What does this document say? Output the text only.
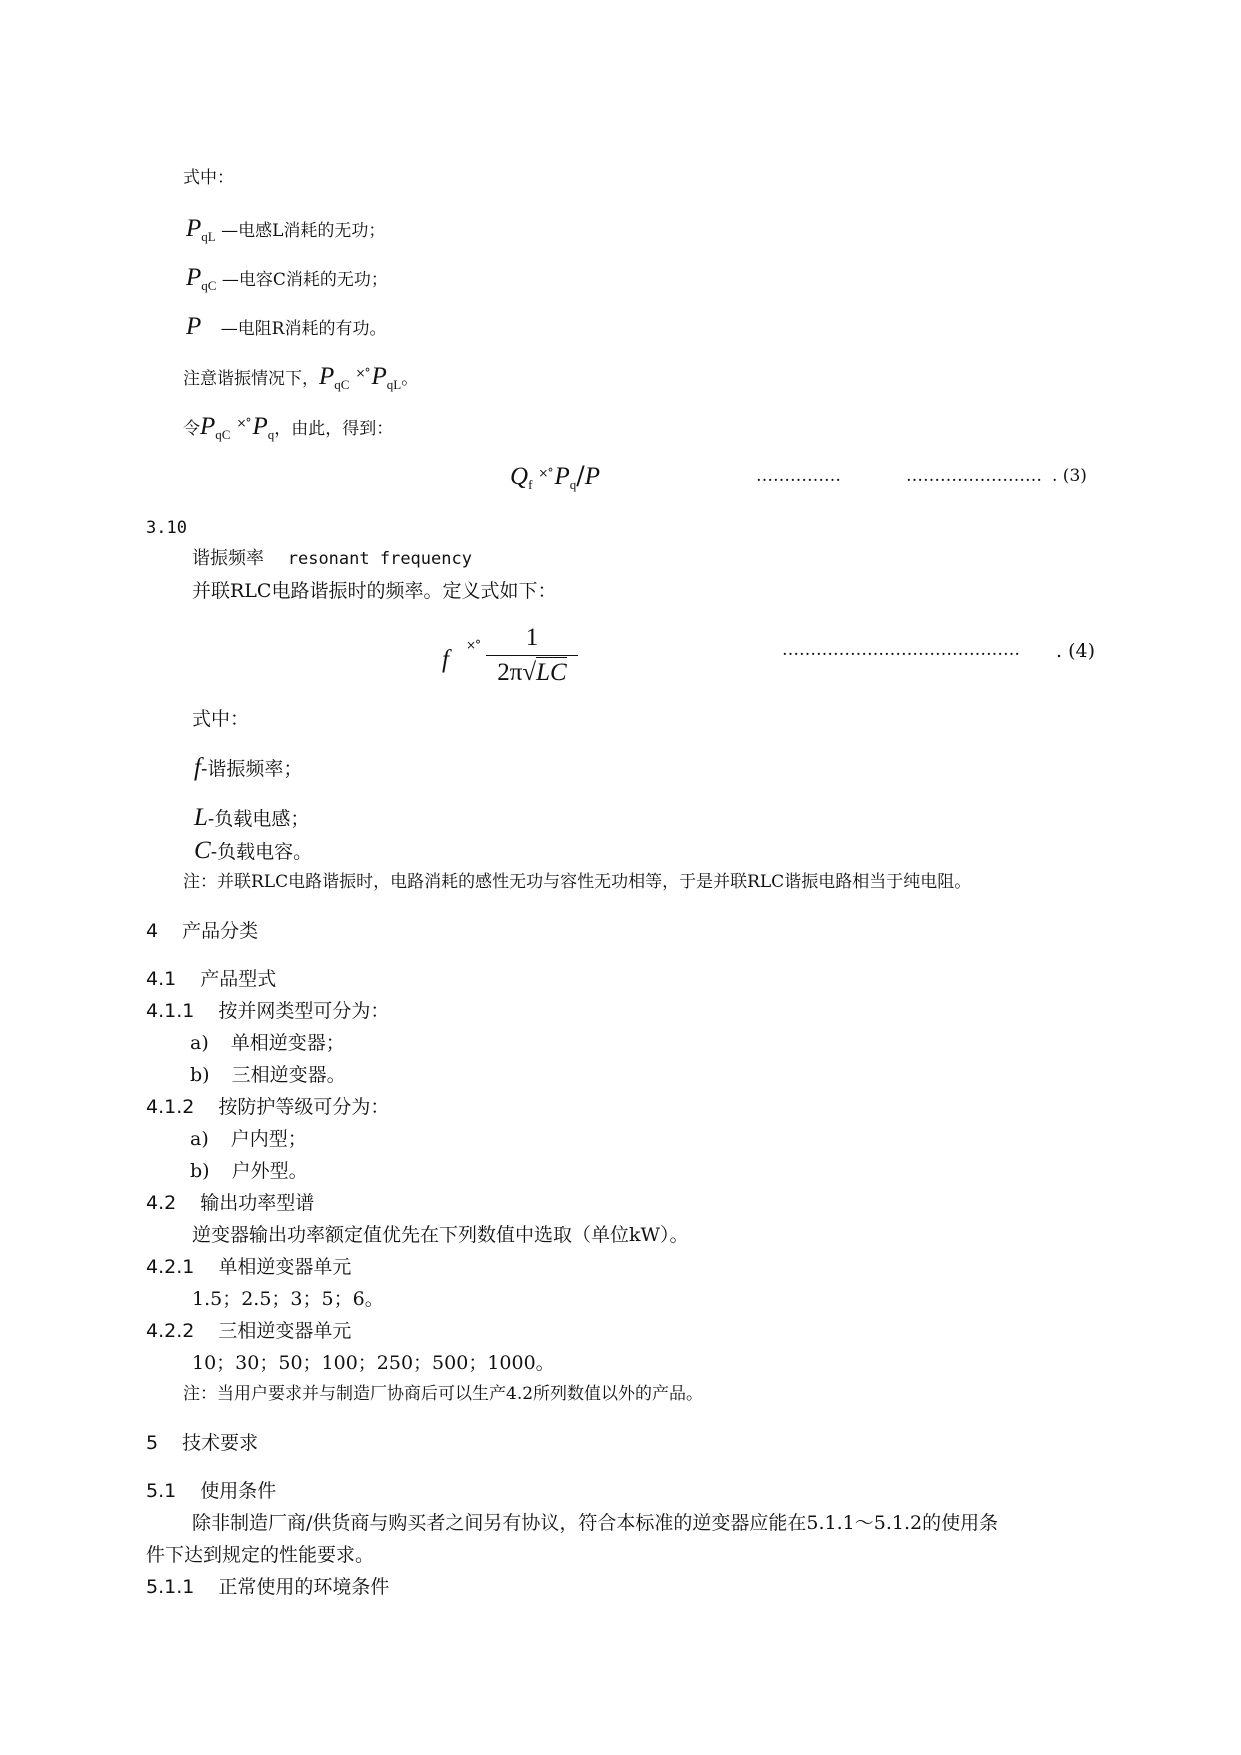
式中：
$P_{qL}$ —电感L消耗的无功；
$P_{qC}$ —电容C消耗的无功；
P —电阻R消耗的有功。
注意谐振情况下，$P_{qC}^{\times^\circ}P_{qL}$。
令$P_{qC}^{\times^\circ}P_q$，由此，得到：
$Q_f^{\times^\circ}P_q/P$	……………	…………………… . (3)
3.10
谐振频率 resonant frequency
并联RLC电路谐振时的频率。定义式如下：
f
×°	1
2π√LC
…………………………………… . (4)
式中：
f-谐振频率；
L-负载电感；
C-负载电容。
注：并联RLC电路谐振时，电路消耗的感性无功与容性无功相等，于是并联RLC谐振电路相当于纯电阻。
4 产品分类
4.1 产品型式
4.1.1 按并网类型可分为：
a) 单相逆变器；
b) 三相逆变器。
4.1.2 按防护等级可分为：
a) 户内型；
b) 户外型。
4.2 输出功率型谱
逆变器输出功率额定值优先在下列数值中选取（单位kW）。
4.2.1 单相逆变器单元
1.5；2.5；3；5；6。
4.2.2 三相逆变器单元
10；30；50；100；250；500；1000。
注：当用户要求并与制造厂协商后可以生产4.2所列数值以外的产品。
5 技术要求
5.1 使用条件
除非制造厂商/供货商与购买者之间另有协议，符合本标准的逆变器应能在5.1.1～5.1.2的使用条
件下达到规定的性能要求。
5.1.1 正常使用的环境条件
